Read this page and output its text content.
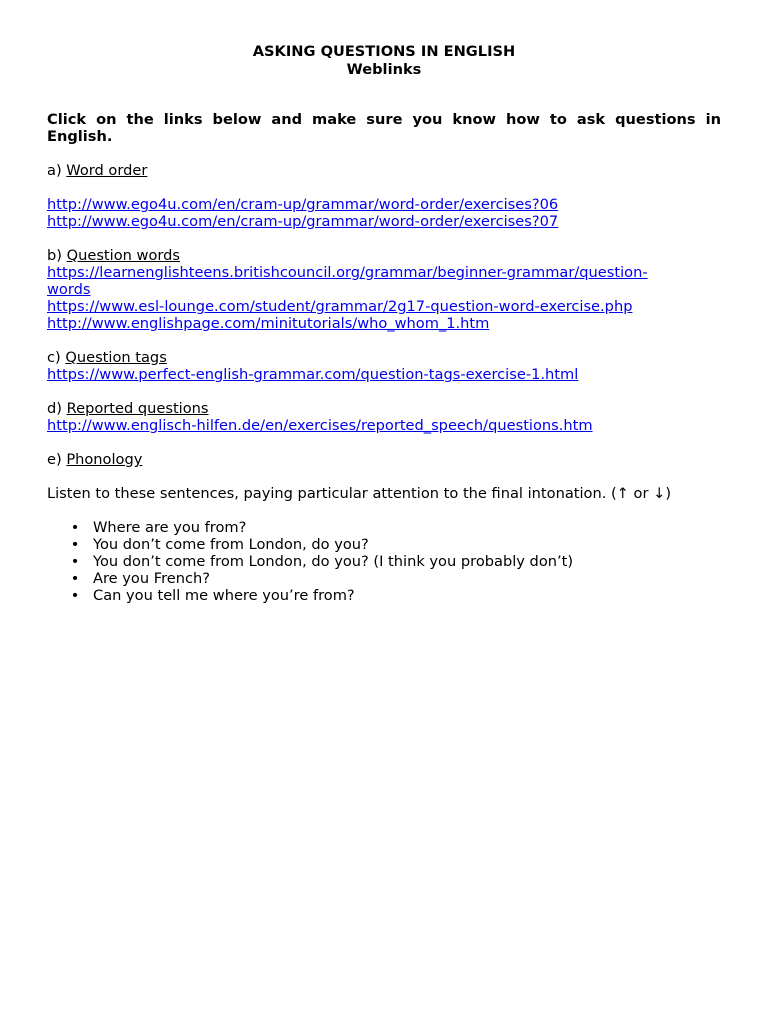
ASKING QUESTIONS IN ENGLISH
Weblinks

Click on the links below and make sure you know how to ask questions in English.

a) Word order

http://www.ego4u.com/en/cram-up/grammar/word-order/exercises?06
http://www.ego4u.com/en/cram-up/grammar/word-order/exercises?07

b) Question words

https://learnenglishteens.britishcouncil.org/grammar/beginner-grammar/question-
words
https://www.esl-lounge.com/student/grammar/2g17-question-word-exercise.php
http://www.englishpage.com/minitutorials/who_whom_1.htm

c) Question tags

https://www.perfect-english-grammar.com/question-tags-exercise-1.html

d) Reported questions

http://www.englisch-hilfen.de/en/exercises/reported_speech/questions.htm

e) Phonology

Listen to these sentences, paying particular attention to the final intonation. (↑ or ↓)

• Where are you from?
• You don’t come from London, do you?
• You don’t come from London, do you? (I think you probably don’t)
• Are you French?
• Can you tell me where you’re from?
